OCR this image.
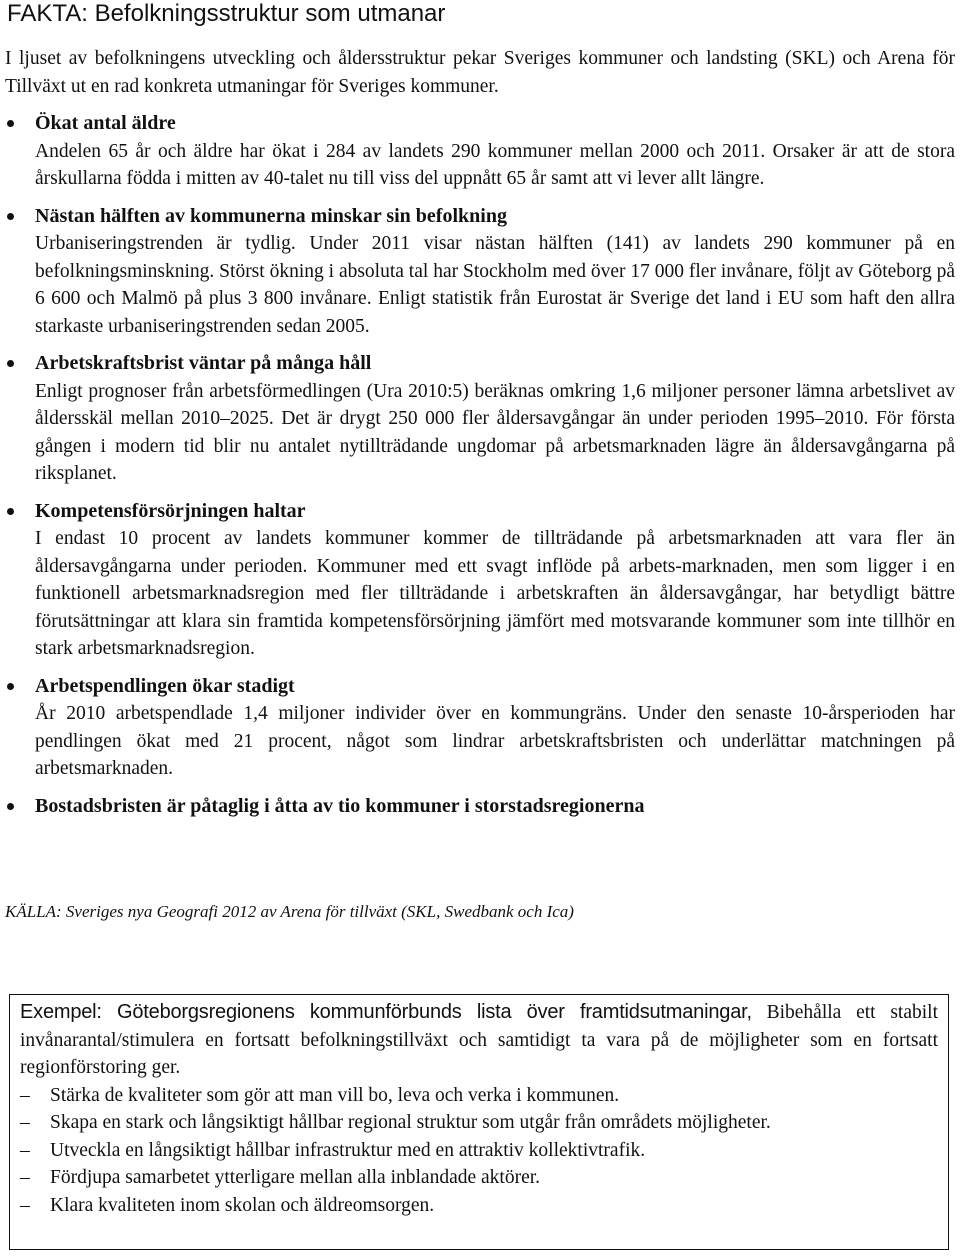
FAKTA: Befolkningsstruktur som utmanar

I ljuset av befolkningens utveckling och åldersstruktur pekar Sveriges kommuner och landsting (SKL) och Arena för Tillväxt ut en rad konkreta utmaningar för Sveriges kommuner.

Ökat antal äldre

Andelen 65 år och äldre har ökat i 284 av landets 290 kommuner mellan 2000 och 2011. Orsaker är att de stora årskullarna födda i mitten av 40-talet nu till viss del uppnått 65 år samt att vi lever allt längre.

Nästan hälften av kommunerna minskar sin befolkning

Urbaniseringstrenden är tydlig. Under 2011 visar nästan hälften (141) av landets 290 kommuner på en befolkningsminskning. Störst ökning i absoluta tal har Stockholm med över 17 000 fler invånare, följt av Göteborg på 6 600 och Malmö på plus 3 800 invånare. Enligt statistik från Eurostat är Sverige det land i EU som haft den allra starkaste urbaniseringstrenden sedan 2005.

Arbetskraftsbrist väntar på många håll

Enligt prognoser från arbetsförmedlingen (Ura 2010:5) beräknas omkring 1,6 miljoner personer lämna arbetslivet av åldersskäl mellan 2010–2025. Det är drygt 250 000 fler åldersavgångar än under perioden 1995–2010. För första gången i modern tid blir nu antalet nytillträdande ungdomar på arbetsmarknaden lägre än åldersavgångarna på riksplanet.

Kompetensförsörjningen haltar

I endast 10 procent av landets kommuner kommer de tillträdande på arbetsmarknaden att vara fler än åldersavgångarna under perioden. Kommuner med ett svagt inflöde på arbets-marknaden, men som ligger i en funktionell arbetsmarknadsregion med fler tillträdande i arbetskraften än åldersavgångar, har betydligt bättre förutsättningar att klara sin framtida kompetensförsörjning jämfört med motsvarande kommuner som inte tillhör en stark arbetsmarknadsregion.

Arbetspendlingen ökar stadigt

År 2010 arbetspendlade 1,4 miljoner individer över en kommungräns. Under den senaste 10-årsperioden har pendlingen ökat med 21 procent, något som lindrar arbetskraftsbristen och underlättar matchningen på arbetsmarknaden.

Bostadsbristen är påtaglig i åtta av tio kommuner i storstadsregionerna

KÄLLA: Sveriges nya Geografi 2012 av Arena för tillväxt (SKL, Swedbank och Ica)

Exempel: Göteborgsregionens kommunförbunds lista över framtidsutmaningar, Bibehålla ett stabilt invånarantal/stimulera en fortsatt befolkningstillväxt och samtidigt ta vara på de möjligheter som en fortsatt regionförstoring ger.

– Stärka de kvaliteter som gör att man vill bo, leva och verka i kommunen.
– Skapa en stark och långsiktigt hållbar regional struktur som utgår från områdets möjligheter.
– Utveckla en långsiktigt hållbar infrastruktur med en attraktiv kollektivtrafik.
– Fördjupa samarbetet ytterligare mellan alla inblandade aktörer.
– Klara kvaliteten inom skolan och äldreomsorgen.
